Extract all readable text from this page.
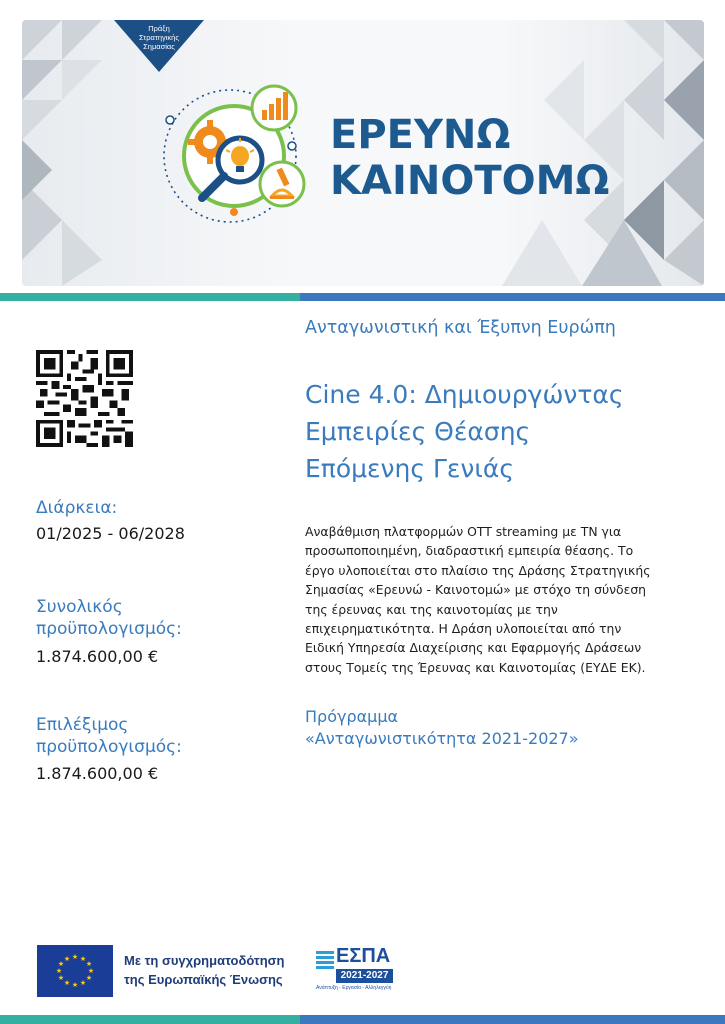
Πράξη
Στρατηγικής
Σημασίας
ΕΡΕΥΝΩ
ΚΑΙΝΟΤΟΜΩ
Διάρκεια:
01/2025 - 06/2028
Συνολικός
προϋπολογισμός:
1.874.600,00 €
Επιλέξιμος
προϋπολογισμός:
1.874.600,00 €
Ανταγωνιστική και Έξυπνη Ευρώπη
Cine 4.0: Δημιουργώντας
Εμπειρίες Θέασης
Επόμενης Γενιάς
Αναβάθμιση πλατφορμών OTT streaming με ΤΝ για
προσωποποιημένη, διαδραστική εμπειρία θέασης. Το
έργο υλοποιείται στο πλαίσιο της Δράσης Στρατηγικής
Σημασίας «Ερευνώ - Καινοτομώ» με στόχο τη σύνδεση
της έρευνας και της καινοτομίας με την
επιχειρηματικότητα. Η Δράση υλοποιείται από την
Ειδική Υπηρεσία Διαχείρισης και Εφαρμογής Δράσεων
στους Τομείς της Έρευνας και Καινοτομίας (ΕΥΔΕ ΕΚ).
Πρόγραμμα
«Ανταγωνιστικότητα 2021-2027»
★ ★
★
★
★
★
★
★
★
★
★
★	Με τη συγχρηματοδότηση
της Ευρωπαϊκής Ένωσης
ΕΣΠΑ
2021-2027
Ανάπτυξη - Εργασία - Αλληλεγγύη
